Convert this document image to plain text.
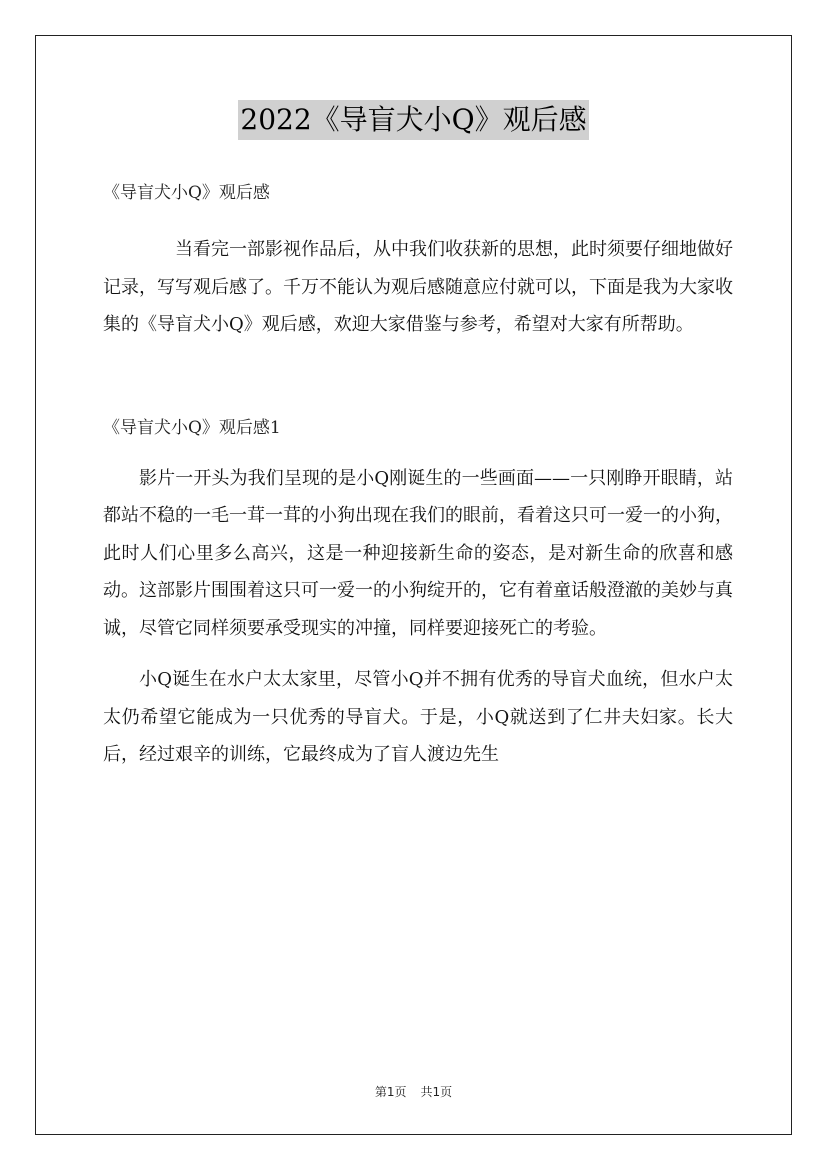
2022《导盲犬小Q》观后感

《导盲犬小Q》观后感

当看完一部影视作品后，从中我们收获新的思想，此时须要仔细地做好记录，写写观后感了。千万不能认为观后感随意应付就可以，下面是我为大家收集的《导盲犬小Q》观后感，欢迎大家借鉴与参考，希望对大家有所帮助。

《导盲犬小Q》观后感1

影片一开头为我们呈现的是小Q刚诞生的一些画面——一只刚睁开眼睛，站都站不稳的一毛一茸一茸的小狗出现在我们的眼前，看着这只可一爱一的小狗，此时人们心里多么高兴，这是一种迎接新生命的姿态，是对新生命的欣喜和感动。这部影片围围着这只可一爱一的小狗绽开的，它有着童话般澄澈的美妙与真诚，尽管它同样须要承受现实的冲撞，同样要迎接死亡的考验。

小Q诞生在水户太太家里，尽管小Q并不拥有优秀的导盲犬血统，但水户太太仍希望它能成为一只优秀的导盲犬。于是，小Q就送到了仁井夫妇家。长大后，经过艰辛的训练，它最终成为了盲人渡边先生

第1页 共1页
